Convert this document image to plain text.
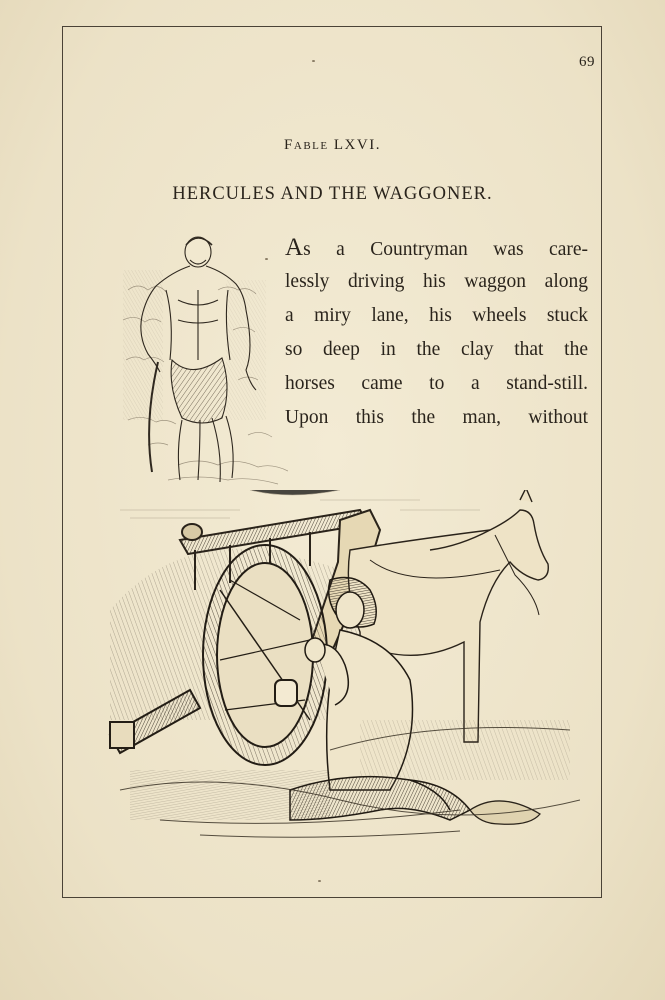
69
FABLE LXVI.
HERCULES AND THE WAGGONER.
As a Countryman was care-
lessly driving his waggon along
a miry lane, his wheels stuck
so deep in the clay that the
horses came to a stand-still.
Upon this the man, without
